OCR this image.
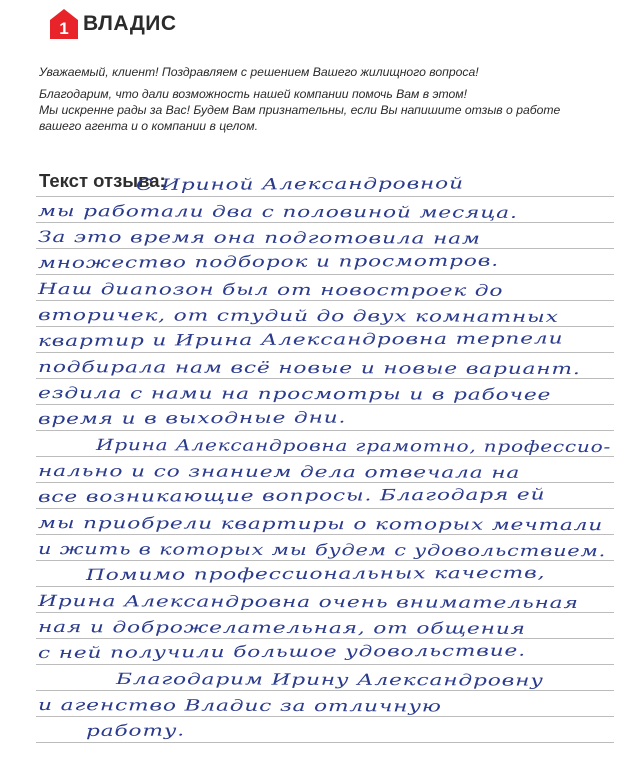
1 ВЛАДИС

Уважаемый, клиент! Поздравляем с решением Вашего жилищного вопроса!

Благодарим, что дали возможность нашей компании помочь Вам в этом!

Мы искренне рады за Вас! Будем Вам признательны, если Вы напишите отзыв о работе

вашего агента и о компании в целом.

Текст отзыва:
С Ириной Александровной
мы работали два с половиной месяца.
За это время она подготовила нам
множество подборок и просмотров.
Наш диапозон был от новостроек до
вторичек, от студий до двух комнатных
квартир и Ирина Александровна терпели
подбирала нам всё новые и новые вариант.
ездила с нами на просмотры и в рабочее
время и в выходные дни.
Ирина Александровна грамотно, профессио-
нально и со знанием дела отвечала на
все возникающие вопросы. Благодаря ей
мы приобрели квартиры о которых мечтали
и жить в которых мы будем с удовольствием.
Помимо профессиональных качеств,
Ирина Александровна очень внимательная
ная и доброжелательная, от общения
с ней получили большое удовольствие.
Благодарим Ирину Александровну
и агенство Владис за отличную
работу.
